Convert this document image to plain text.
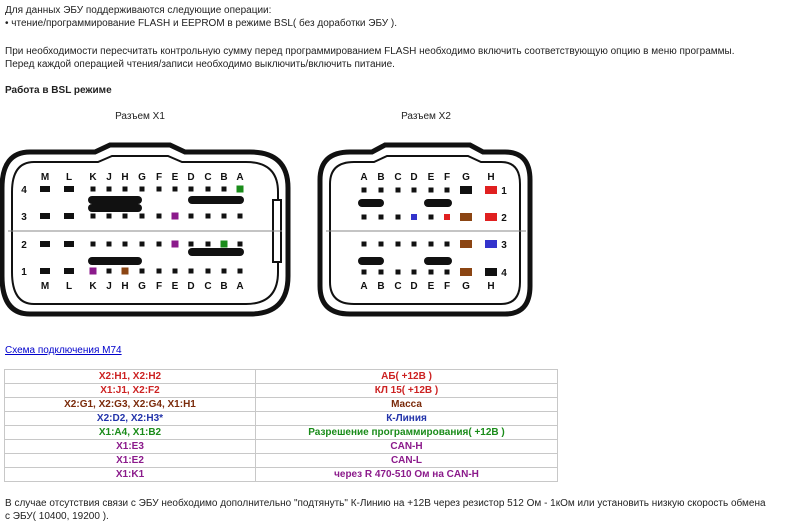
Для данных ЭБУ поддерживаются следующие операции:
• чтение/программирование FLASH и EEPROM в режиме BSL( без доработки ЭБУ ).
При необходимости пересчитать контрольную сумму перед программированием FLASH необходимо включить соответствующую опцию в меню программы.
Перед каждой операцией чтения/записи необходимо выключить/включить питание.
Работа в BSL режиме
Разъем X1	Разъем X2
M L K J H G F E D C B A
M L K J H G F E D C B A
4
3
2
1
A B C D E F G H
A B C D E F G H
1
2
3
4
Схема подключения M74
X2:H1, X2:H2	АБ( +12В )
X1:J1, X2:F2	КЛ 15( +12В )
X2:G1, X2:G3, X2:G4, X1:H1	Масса
X2:D2, X2:H3*	К-Линия
X1:A4, X1:B2	Разрешение программирования( +12В )
X1:E3	CAN-H
X1:E2	CAN-L
X1:K1	через R 470-510 Ом на CAN-H
В случае отсутствия связи с ЭБУ необходимо дополнительно "подтянуть" К-Линию на +12В через резистор 512 Ом - 1кОм или установить низкую скорость обмена
с ЭБУ( 10400, 19200 ).
